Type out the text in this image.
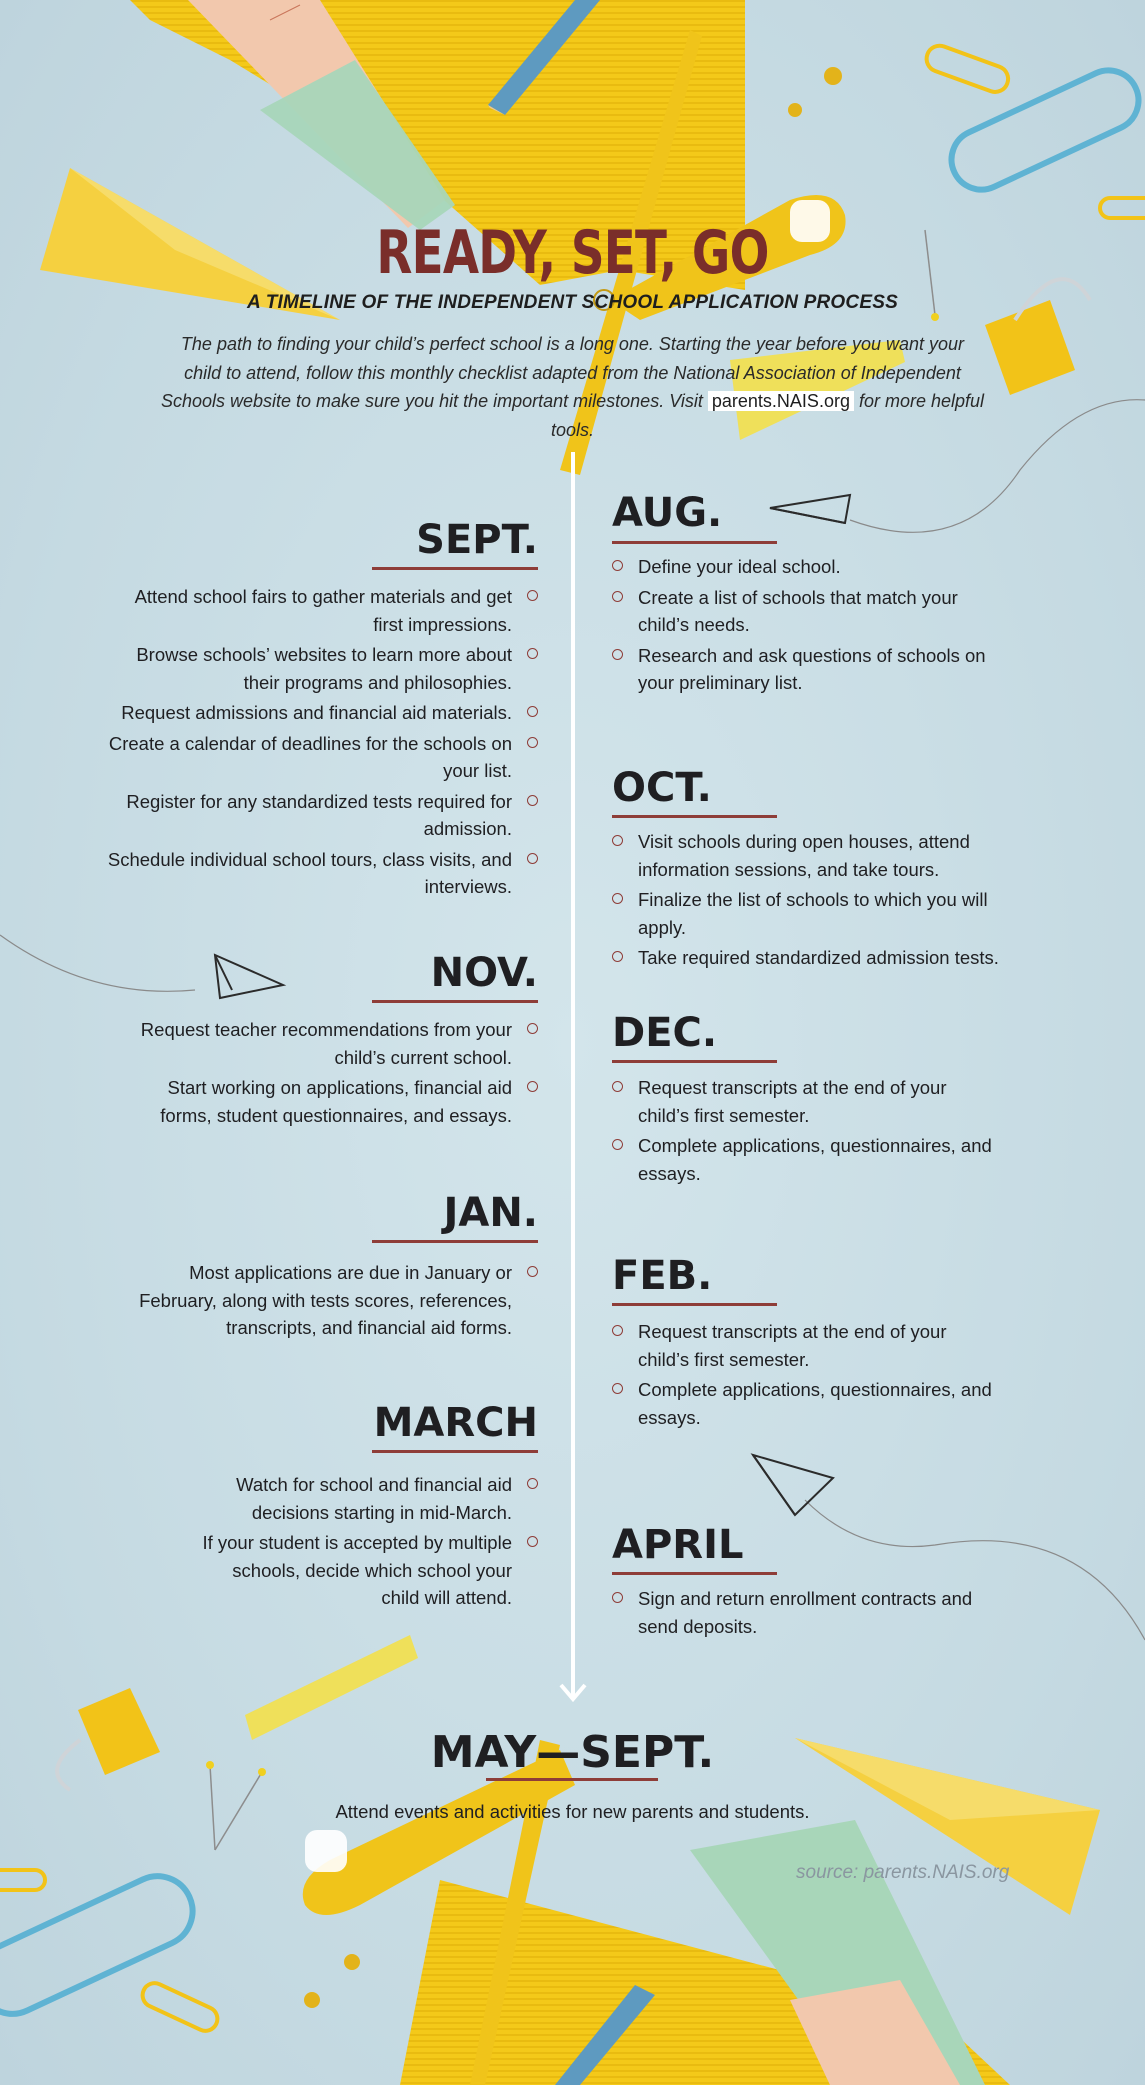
READY, SET, GO
A TIMELINE OF THE INDEPENDENT SCHOOL APPLICATION PROCESS
The path to finding your child’s perfect school is a long one. Starting the year before you want your child to attend, follow this monthly checklist adapted from the National Association of Independent Schools website to make sure you hit the important milestones. Visit parents.NAIS.org for more helpful tools.
AUG.
Define your ideal school.
Create a list of schools that match your child’s needs.
Research and ask questions of schools on your preliminary list.
SEPT.
Attend school fairs to gather materials and get first impressions.
Browse schools’ websites to learn more about their programs and philosophies.
Request admissions and financial aid materials.
Create a calendar of deadlines for the schools on your list.
Register for any standardized tests required for admission.
Schedule individual school tours, class visits, and interviews.
OCT.
Visit schools during open houses, attend information sessions, and take tours.
Finalize the list of schools to which you will apply.
Take required standardized admission tests.
NOV.
Request teacher recommendations from your child’s current school.
Start working on applications, financial aid forms, student questionnaires, and essays.
DEC.
Request transcripts at the end of your child’s first semester.
Complete applications, questionnaires, and essays.
JAN.
Most applications are due in January or February, along with tests scores, references, transcripts, and financial aid forms.
FEB.
Request transcripts at the end of your child’s first semester.
Complete applications, questionnaires, and essays.
MARCH
Watch for school and financial aid decisions starting in mid-March.
If your student is accepted by multiple schools, decide which school your child will attend.
APRIL
Sign and return enrollment contracts and send deposits.
MAY—SEPT.
Attend events and activities for new parents and students.
source: parents.NAIS.org
